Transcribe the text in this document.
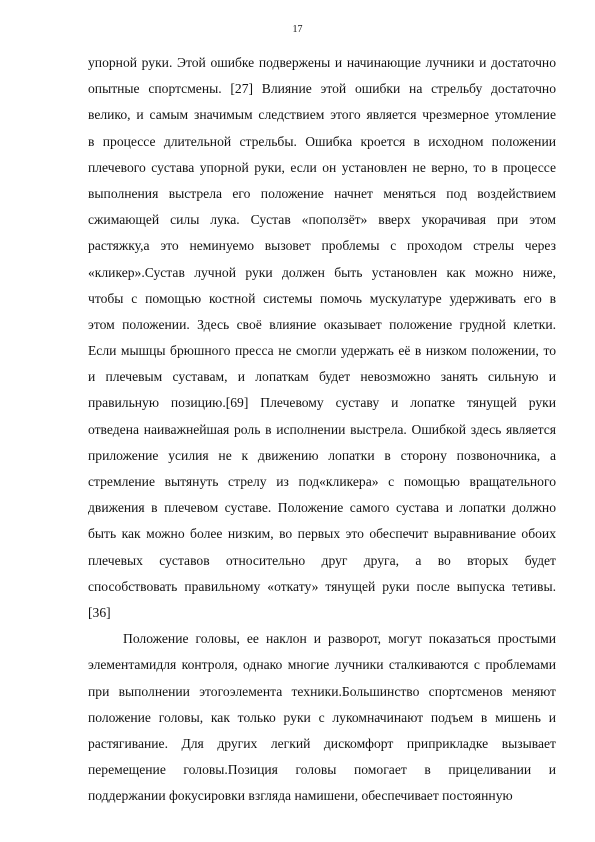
17
упорной руки. Этой ошибке подвержены и начинающие лучники и достаточно
опытные спортсмены. [27] Влияние этой ошибки на стрельбу достаточно
велико, и самым значимым следствием этого является чрезмерное утомление
в процессе длительной стрельбы. Ошибка кроется в исходном положении
плечевого сустава упорной руки, если он установлен не верно, то в процессе
выполнения выстрела его положение начнет меняться под воздействием
сжимающей силы лука. Сустав «поползёт» вверх укорачивая при этом
растяжку,а это неминуемо вызовет проблемы с проходом стрелы через
«кликер».Сустав лучной руки должен быть установлен как можно ниже,
чтобы с помощью костной системы помочь мускулатуре удерживать его в
этом положении. Здесь своё влияние оказывает положение грудной клетки.
Если мышцы брюшного пресса не смогли удержать её в низком положении, то
и плечевым суставам, и лопаткам будет невозможно занять сильную и
правильную позицию.[69] Плечевому суставу и лопатке тянущей руки
отведена наиважнейшая роль в исполнении выстрела. Ошибкой здесь является
приложение усилия не к движению лопатки в сторону позвоночника, а
стремление вытянуть стрелу из под«кликера» с помощью вращательного
движения в плечевом суставе. Положение самого сустава и лопатки должно
быть как можно более низким, во первых это обеспечит выравнивание обоих
плечевых суставов относительно друг друга, а во вторых будет
способствовать правильному «откату» тянущей руки после выпуска тетивы.
[36]
Положение головы, ее наклон и разворот, могут показаться простыми
элементамидля контроля, однако многие лучники сталкиваются с проблемами
при выполнении этогоэлемента техники.Большинство спортсменов меняют
положение головы, как только руки с лукомначинают подъем в мишень и
растягивание. Для других легкий дискомфорт приприкладке вызывает
перемещение головы.Позиция головы помогает в прицеливании и
поддержании фокусировки взгляда намишени, обеспечивает постоянную
